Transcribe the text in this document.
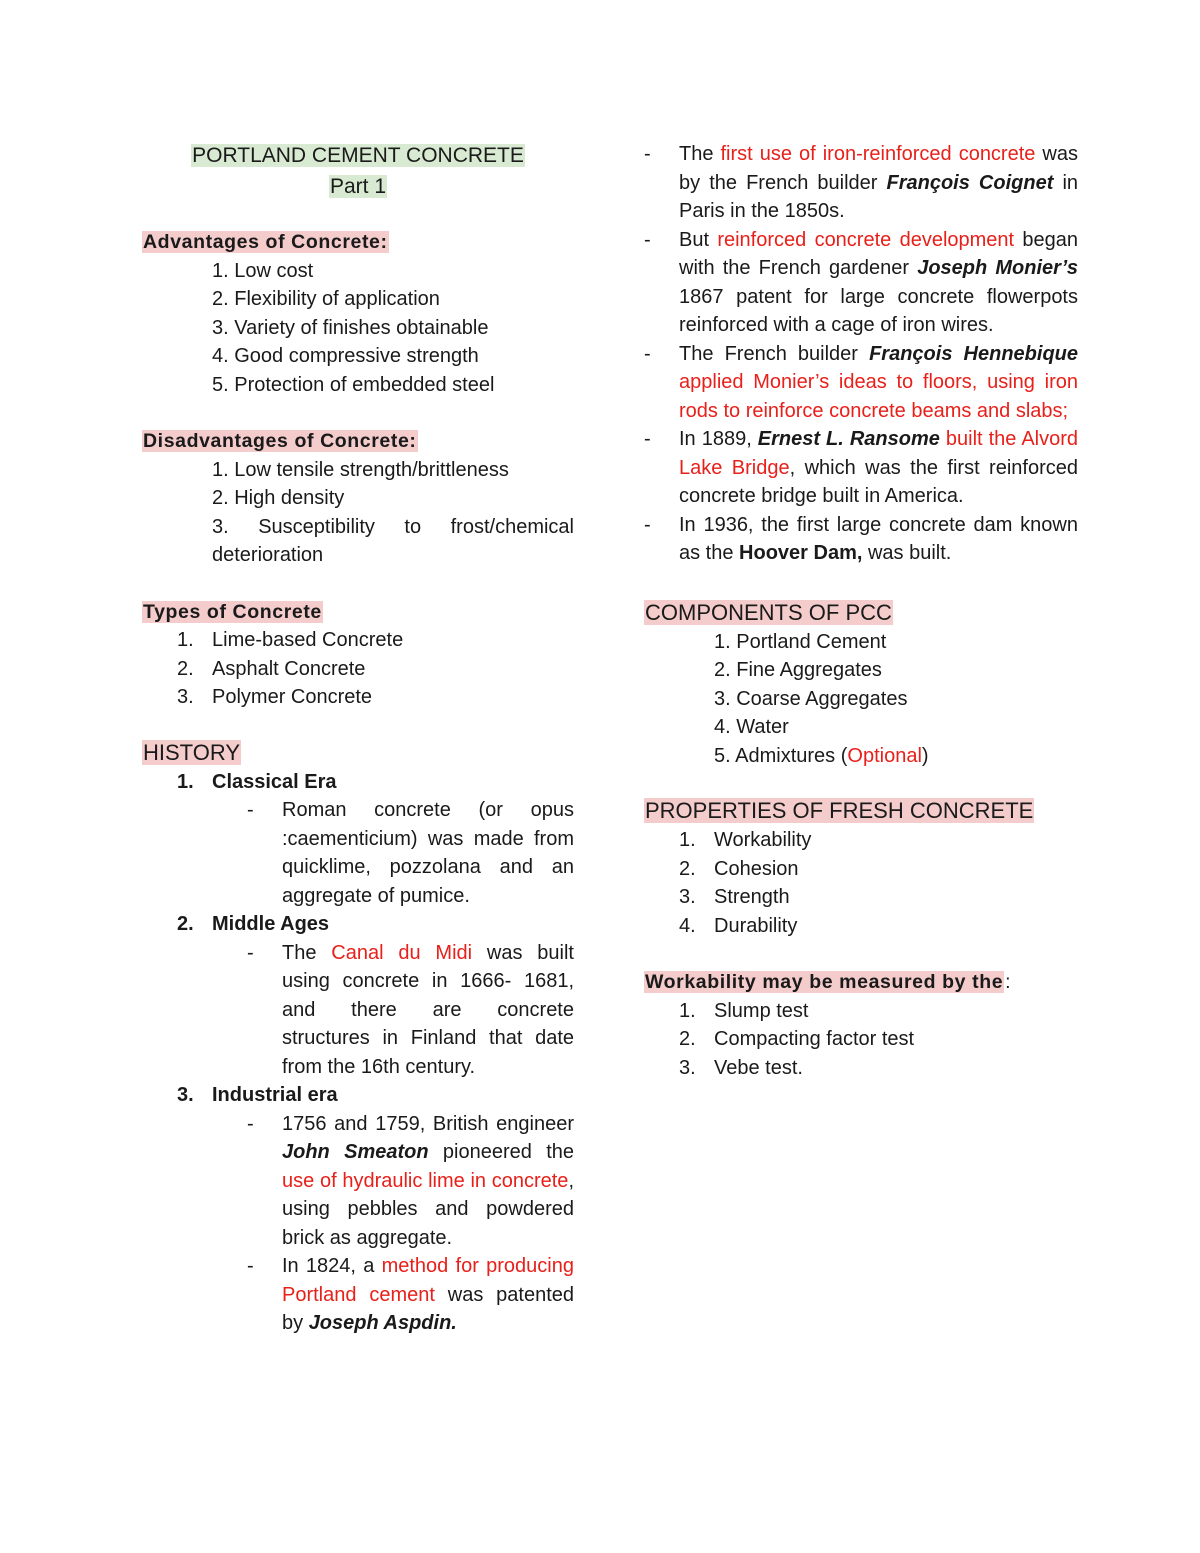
PORTLAND CEMENT CONCRETE
Part 1
Advantages of Concrete:
1. Low cost
2. Flexibility of application
3. Variety of finishes obtainable
4. Good compressive strength
5. Protection of embedded steel
Disadvantages of Concrete:
1. Low tensile strength/brittleness
2. High density
3. Susceptibility to frost/chemical deterioration
Types of Concrete
1. Lime-based Concrete
2. Asphalt Concrete
3. Polymer Concrete
HISTORY
1. Classical Era
-	Roman concrete (or opus :caementicium) was made from quicklime, pozzolana and an aggregate of pumice.
2. Middle Ages
-	The Canal du Midi was built using concrete in 1666- 1681, and there are concrete structures in Finland that date from the 16th century.
3. Industrial era
-	1756 and 1759, British engineer John Smeaton pioneered the use of hydraulic lime in concrete, using pebbles and powdered brick as aggregate.
-	In 1824, a method for producing Portland cement was patented by Joseph Aspdin.
-	The first use of iron-reinforced concrete was by the French builder François Coignet in Paris in the 1850s.
-	But reinforced concrete development began with the French gardener Joseph Monier’s 1867 patent for large concrete flowerpots reinforced with a cage of iron wires.
-	The French builder François Hennebique applied Monier’s ideas to floors, using iron rods to reinforce concrete beams and slabs;
-	In 1889, Ernest L. Ransome built the Alvord Lake Bridge, which was the first reinforced concrete bridge built in America.
-	In 1936, the first large concrete dam known as the Hoover Dam, was built.
COMPONENTS OF PCC
1. Portland Cement
2. Fine Aggregates
3. Coarse Aggregates
4. Water
5. Admixtures (Optional)
PROPERTIES OF FRESH CONCRETE
1. Workability
2. Cohesion
3. Strength
4. Durability
Workability may be measured by the :
1. Slump test
2. Compacting factor test
3. Vebe test.
